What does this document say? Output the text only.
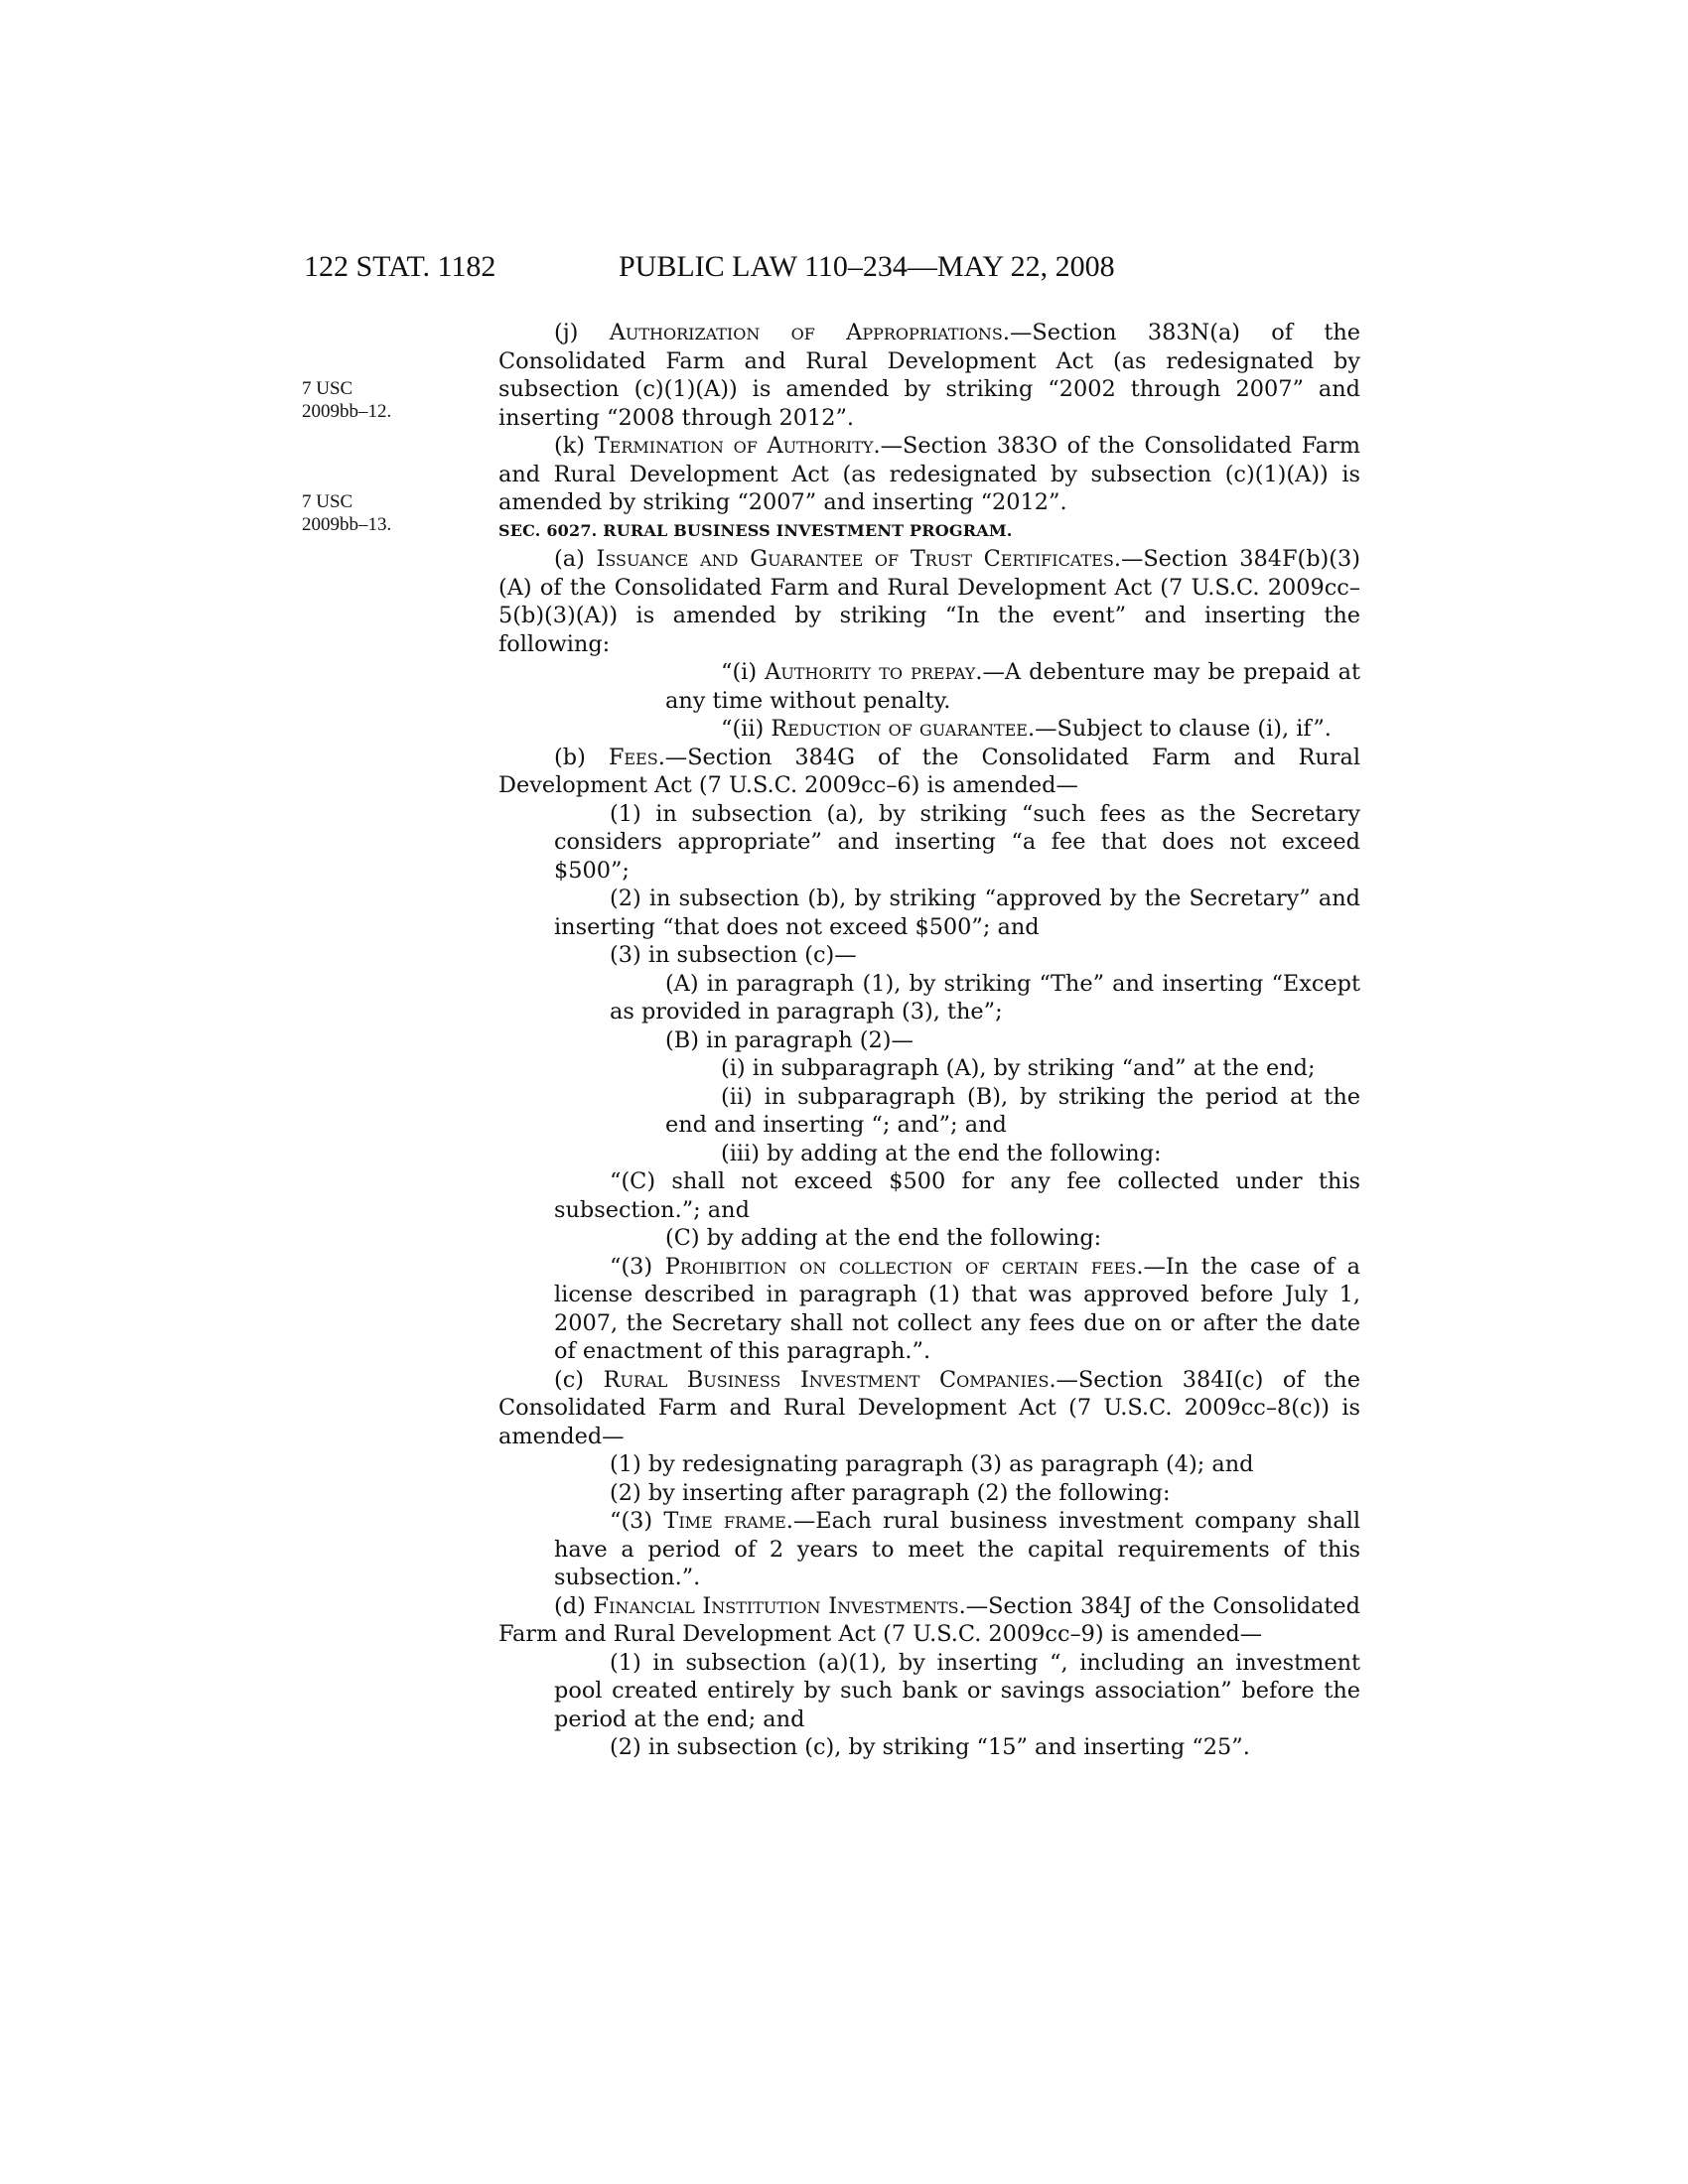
122 STAT. 1182	PUBLIC LAW 110–234—MAY 22, 2008
7 USC
2009bb–12.
7 USC
2009bb–13.

(j) Authorization of Appropriations.—Section 383N(a) of the Consolidated Farm and Rural Development Act (as redesignated by subsection (c)(1)(A)) is amended by striking “2002 through 2007” and inserting “2008 through 2012”.

(k) Termination of Authority.—Section 383O of the Consolidated Farm and Rural Development Act (as redesignated by subsection (c)(1)(A)) is amended by striking “2007” and inserting “2012”.

SEC. 6027. RURAL BUSINESS INVESTMENT PROGRAM.

(a) Issuance and Guarantee of Trust Certificates.—Section 384F(b)(3)(A) of the Consolidated Farm and Rural Development Act (7 U.S.C. 2009cc–5(b)(3)(A)) is amended by striking “In the event” and inserting the following:

“(i) Authority to prepay.—A debenture may be prepaid at any time without penalty.

“(ii) Reduction of guarantee.—Subject to clause (i), if”.

(b) Fees.—Section 384G of the Consolidated Farm and Rural Development Act (7 U.S.C. 2009cc–6) is amended—

(1) in subsection (a), by striking “such fees as the Secretary considers appropriate” and inserting “a fee that does not exceed $500”;

(2) in subsection (b), by striking “approved by the Secretary” and inserting “that does not exceed $500”; and

(3) in subsection (c)—

(A) in paragraph (1), by striking “The” and inserting “Except as provided in paragraph (3), the”;

(B) in paragraph (2)—

(i) in subparagraph (A), by striking “and” at the end;

(ii) in subparagraph (B), by striking the period at the end and inserting “; and”; and

(iii) by adding at the end the following:

“(C) shall not exceed $500 for any fee collected under this subsection.”; and

(C) by adding at the end the following:

“(3) Prohibition on collection of certain fees.—In the case of a license described in paragraph (1) that was approved before July 1, 2007, the Secretary shall not collect any fees due on or after the date of enactment of this paragraph.”.

(c) Rural Business Investment Companies.—Section 384I(c) of the Consolidated Farm and Rural Development Act (7 U.S.C. 2009cc–8(c)) is amended—

(1) by redesignating paragraph (3) as paragraph (4); and

(2) by inserting after paragraph (2) the following:

“(3) Time frame.—Each rural business investment company shall have a period of 2 years to meet the capital requirements of this subsection.”.

(d) Financial Institution Investments.—Section 384J of the Consolidated Farm and Rural Development Act (7 U.S.C. 2009cc–9) is amended—

(1) in subsection (a)(1), by inserting “, including an investment pool created entirely by such bank or savings association” before the period at the end; and

(2) in subsection (c), by striking “15” and inserting “25”.
